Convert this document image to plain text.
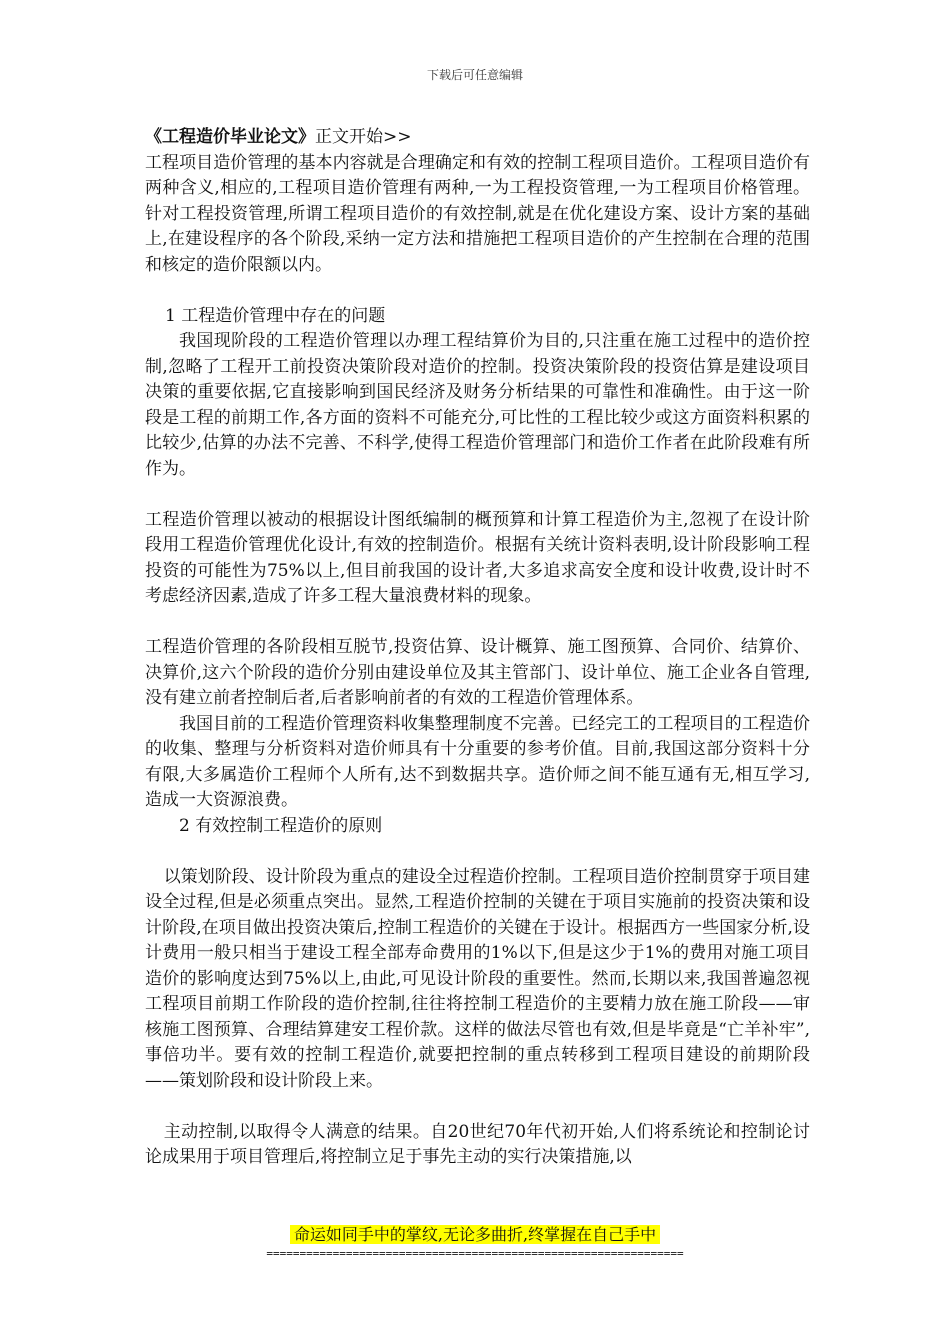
下载后可任意编辑

《工程造价毕业论文》正文开始>>

工程项目造价管理的基本内容就是合理确定和有效的控制工程项目造价。工程项目造价有两种含义,相应的,工程项目造价管理有两种,一为工程投资管理,一为工程项目价格管理。针对工程投资管理,所谓工程项目造价的有效控制,就是在优化建设方案、设计方案的基础上,在建设程序的各个阶段,采纳一定方法和措施把工程项目造价的产生控制在合理的范围和核定的造价限额以内。

1 工程造价管理中存在的问题

我国现阶段的工程造价管理以办理工程结算价为目的,只注重在施工过程中的造价控制,忽略了工程开工前投资决策阶段对造价的控制。投资决策阶段的投资估算是建设项目决策的重要依据,它直接影响到国民经济及财务分析结果的可靠性和准确性。由于这一阶段是工程的前期工作,各方面的资料不可能充分,可比性的工程比较少或这方面资料积累的比较少,估算的办法不完善、不科学,使得工程造价管理部门和造价工作者在此阶段难有所作为。

工程造价管理以被动的根据设计图纸编制的概预算和计算工程造价为主,忽视了在设计阶段用工程造价管理优化设计,有效的控制造价。根据有关统计资料表明,设计阶段影响工程投资的可能性为75%以上,但目前我国的设计者,大多追求高安全度和设计收费,设计时不考虑经济因素,造成了许多工程大量浪费材料的现象。

工程造价管理的各阶段相互脱节,投资估算、设计概算、施工图预算、合同价、结算价、决算价,这六个阶段的造价分别由建设单位及其主管部门、设计单位、施工企业各自管理,没有建立前者控制后者,后者影响前者的有效的工程造价管理体系。

我国目前的工程造价管理资料收集整理制度不完善。已经完工的工程项目的工程造价的收集、整理与分析资料对造价师具有十分重要的参考价值。目前,我国这部分资料十分有限,大多属造价工程师个人所有,达不到数据共享。造价师之间不能互通有无,相互学习,造成一大资源浪费。

2 有效控制工程造价的原则

以策划阶段、设计阶段为重点的建设全过程造价控制。工程项目造价控制贯穿于项目建设全过程,但是必须重点突出。显然,工程造价控制的关键在于项目实施前的投资决策和设计阶段,在项目做出投资决策后,控制工程造价的关键在于设计。根据西方一些国家分析,设计费用一般只相当于建设工程全部寿命费用的1%以下,但是这少于1%的费用对施工项目造价的影响度达到75%以上,由此,可见设计阶段的重要性。然而,长期以来,我国普遍忽视工程项目前期工作阶段的造价控制,往往将控制工程造价的主要精力放在施工阶段——审核施工图预算、合理结算建安工程价款。这样的做法尽管也有效,但是毕竟是“亡羊补牢”,事倍功半。要有效的控制工程造价,就要把控制的重点转移到工程项目建设的前期阶段——策划阶段和设计阶段上来。

主动控制,以取得令人满意的结果。自20世纪70年代初开始,人们将系统论和控制论讨论成果用于项目管理后,将控制立足于事先主动的实行决策措施,以

命运如同手中的掌纹,无论多曲折,终掌握在自己手中
===============================================================
